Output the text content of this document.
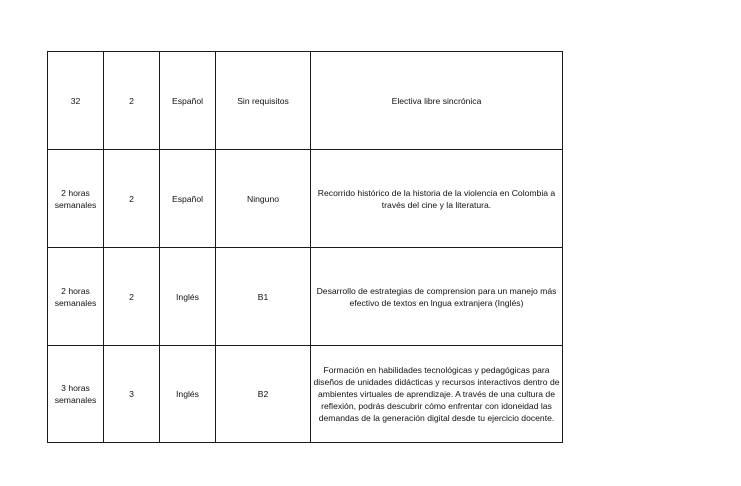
32	2	Español	Sin requisitos	Electiva libre sincrónica
2 horas semanales	2	Español	Ninguno	Recorrido histórico de la historia de la violencia en Colombia a través del cine y la literatura.
2 horas semanales	2	Inglés	B1	Desarrollo de estrategias de comprension para un manejo más efectivo de textos en lngua extranjera (Inglés)
3 horas semanales	3	Inglés	B2	Formación en habilidades tecnológicas y pedagógicas para diseños de unidades didácticas y recursos interactivos dentro de ambientes virtuales de aprendizaje. A través de una cultura de reflexión, podrás descubrir cómo enfrentar con idoneidad las demandas de la generación digital desde tu ejercicio docente.
